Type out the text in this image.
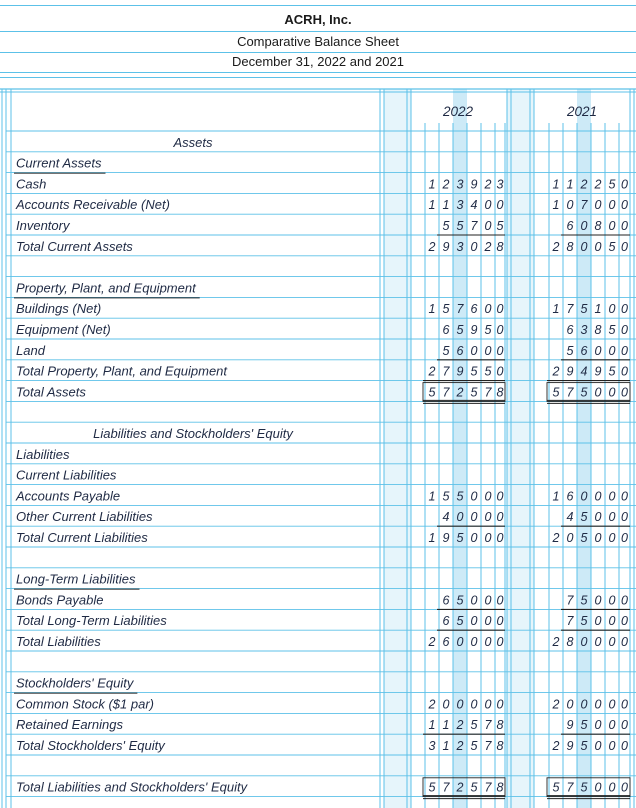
ACRH, Inc.
Comparative Balance Sheet
December 31, 2022 and 2021
2022	2021
Assets
Current Assets
Cash	1 2 3 9 2 3	1 1 2 2 5 0
Accounts Receivable (Net)	1 1 3 4 0 0	1 0 7 0 0 0
Inventory	5 5 7 0 5	6 0 8 0 0
Total Current Assets	2 9 3 0 2 8	2 8 0 0 5 0
Property, Plant, and Equipment
Buildings (Net)	1 5 7 6 0 0	1 7 5 1 0 0
Equipment (Net)	6 5 9 5 0	6 3 8 5 0
Land	5 6 0 0 0	5 6 0 0 0
Total Property, Plant, and Equipment	2 7 9 5 5 0	2 9 4 9 5 0
Total Assets	5 7 2 5 7 8	5 7 5 0 0 0
Liabilities and Stockholders' Equity
Liabilities
Current Liabilities
Accounts Payable	1 5 5 0 0 0	1 6 0 0 0 0
Other Current Liabilities	4 0 0 0 0	4 5 0 0 0
Total Current Liabilities	1 9 5 0 0 0	2 0 5 0 0 0
Long-Term Liabilities
Bonds Payable	6 5 0 0 0	7 5 0 0 0
Total Long-Term Liabilities	6 5 0 0 0	7 5 0 0 0
Total Liabilities	2 6 0 0 0 0	2 8 0 0 0 0
Stockholders' Equity
Common Stock ($1 par)	2 0 0 0 0 0	2 0 0 0 0 0
Retained Earnings	1 1 2 5 7 8	9 5 0 0 0
Total Stockholders' Equity	3 1 2 5 7 8	2 9 5 0 0 0
Total Liabilities and Stockholders' Equity	5 7 2 5 7 8	5 7 5 0 0 0
